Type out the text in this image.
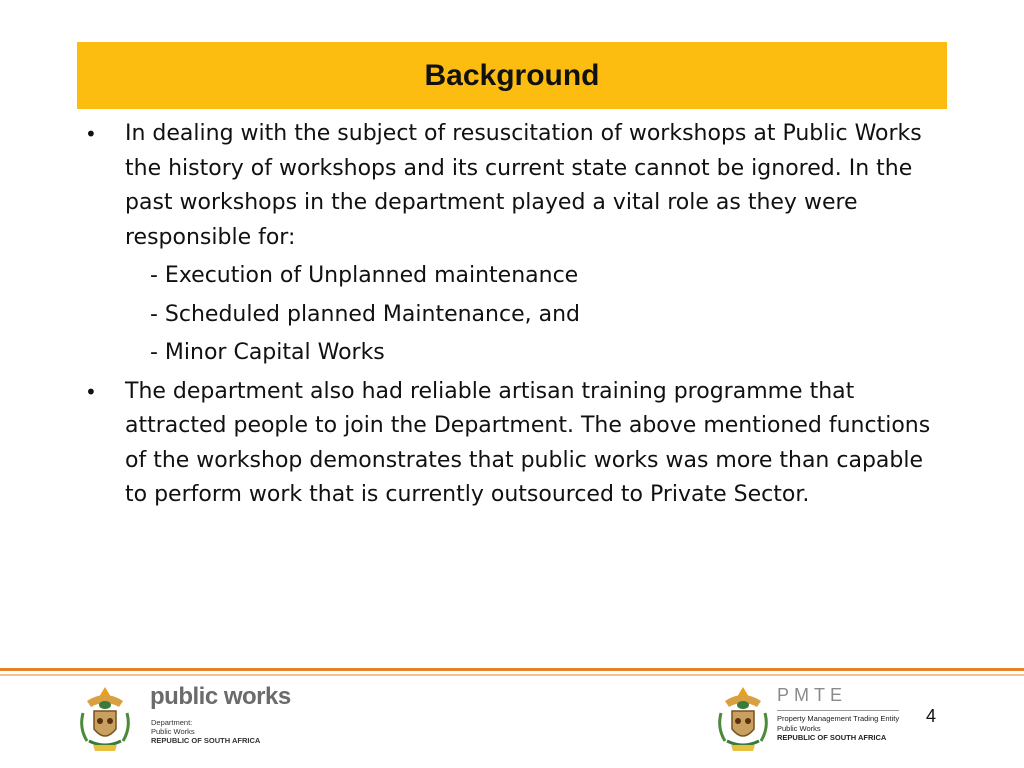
Background
•	In dealing with the subject of resuscitation of workshops at Public Works the history of workshops and its current state cannot be ignored. In the past workshops in the department played a vital role as they were responsible for:
- Execution of Unplanned maintenance
- Scheduled planned Maintenance, and
- Minor Capital Works
•	The department also had reliable artisan training programme that attracted people to join the Department. The above mentioned functions of the workshop demonstrates that public works was more than capable to perform work that is currently outsourced to Private Sector.
public works
Department:
Public Works
REPUBLIC OF SOUTH AFRICA
PMTE
Property Management Trading Entity
Public Works
REPUBLIC OF SOUTH AFRICA
4
